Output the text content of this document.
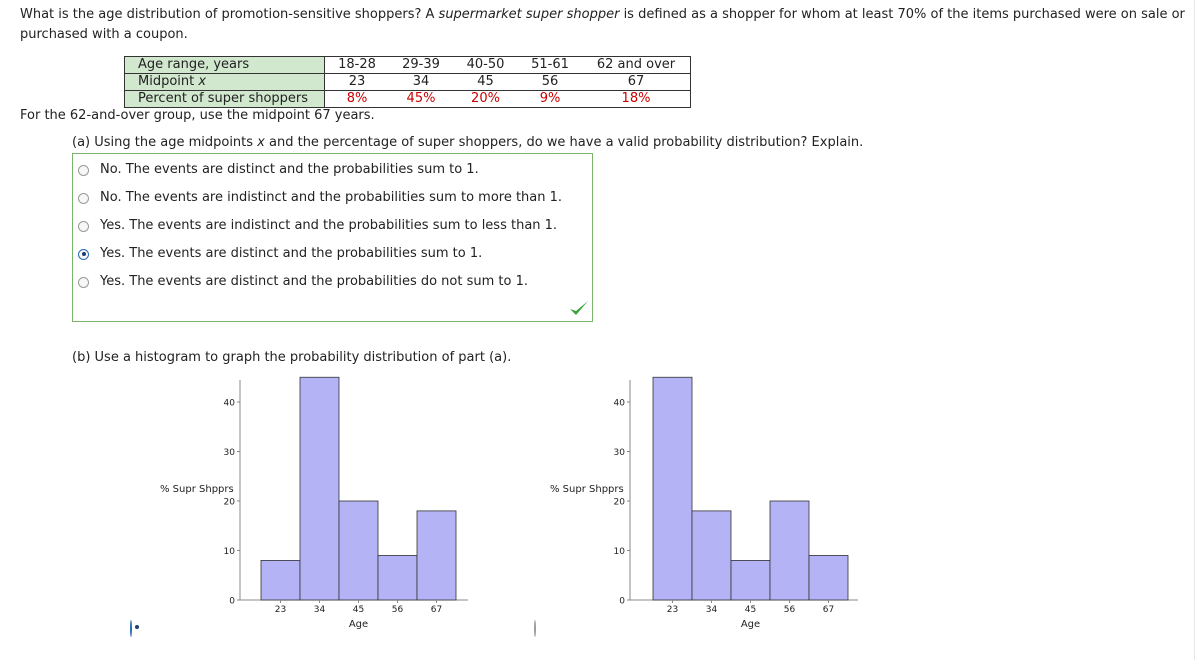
What is the age distribution of promotion-sensitive shoppers? A supermarket super shopper is defined as a shopper for whom at least 70% of the items purchased were on sale or purchased with a coupon.
Age range, years	18-28 29-39 40-50 51-61 62 and over

Midpoint x	23 34 45 56 67

Percent of super shoppers	8% 45% 20% 9% 18%
For the 62-and-over group, use the midpoint 67 years.
(a) Using the age midpoints x and the percentage of super shoppers, do we have a valid probability distribution? Explain.
No. The events are distinct and the probabilities sum to 1.
No. The events are indistinct and the probabilities sum to more than 1.
Yes. The events are indistinct and the probabilities sum to less than 1.
Yes. The events are distinct and the probabilities sum to 1.
Yes. The events are distinct and the probabilities do not sum to 1.
(b) Use a histogram to graph the probability distribution of part (a).
% Supr Shpprs
0
10
20
30
40
23	34	45	56	67
Age
% Supr Shpprs
0
10
20
30
40
23	34	45	56	67
Age
